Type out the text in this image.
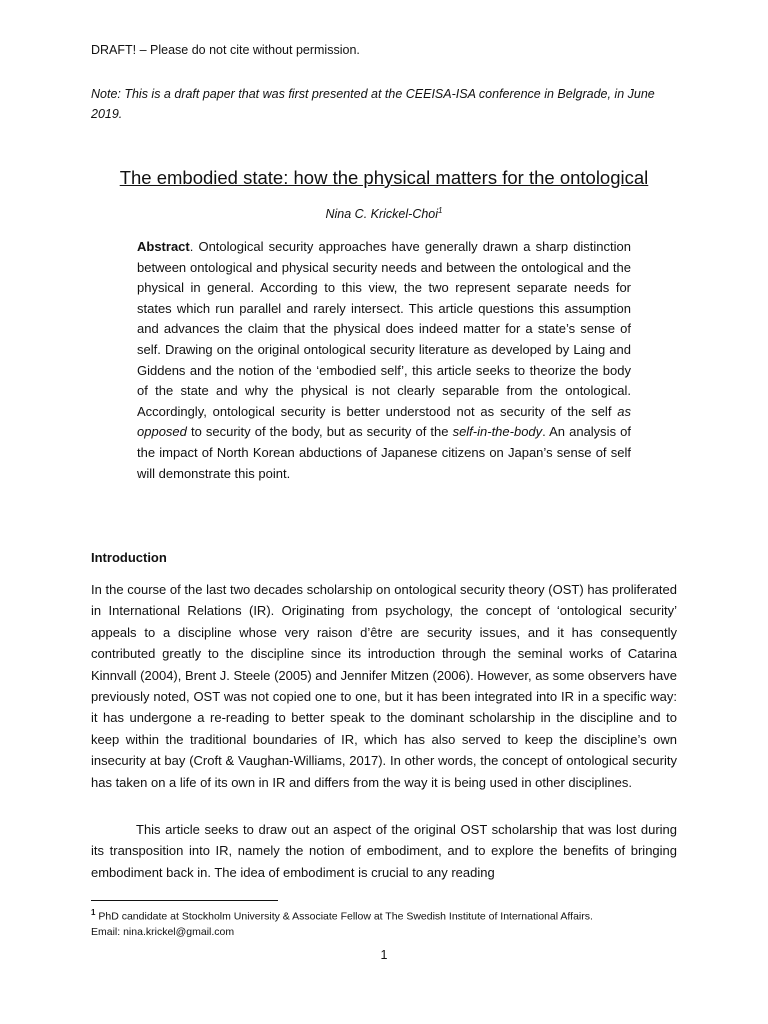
DRAFT! – Please do not cite without permission.
Note: This is a draft paper that was first presented at the CEEISA-ISA conference in Belgrade, in June 2019.
The embodied state: how the physical matters for the ontological
Nina C. Krickel-Choi$^1$

Abstract. Ontological security approaches have generally drawn a sharp distinction between ontological and physical security needs and between the ontological and the physical in general. According to this view, the two represent separate needs for states which run parallel and rarely intersect. This article questions this assumption and advances the claim that the physical does indeed matter for a state’s sense of self. Drawing on the original ontological security literature as developed by Laing and Giddens and the notion of the ‘embodied self’, this article seeks to theorize the body of the state and why the physical is not clearly separable from the ontological. Accordingly, ontological security is better understood not as security of the self as opposed to security of the body, but as security of the self-in-the-body. An analysis of the impact of North Korean abductions of Japanese citizens on Japan’s sense of self will demonstrate this point.

Introduction

In the course of the last two decades scholarship on ontological security theory (OST) has proliferated in International Relations (IR). Originating from psychology, the concept of ‘ontological security’ appeals to a discipline whose very raison d’être are security issues, and it has consequently contributed greatly to the discipline since its introduction through the seminal works of Catarina Kinnvall (2004), Brent J. Steele (2005) and Jennifer Mitzen (2006). However, as some observers have previously noted, OST was not copied one to one, but it has been integrated into IR in a specific way: it has undergone a re-reading to better speak to the dominant scholarship in the discipline and to keep within the traditional boundaries of IR, which has also served to keep the discipline’s own insecurity at bay (Croft & Vaughan-Williams, 2017). In other words, the concept of ontological security has taken on a life of its own in IR and differs from the way it is being used in other disciplines.

This article seeks to draw out an aspect of the original OST scholarship that was lost during its transposition into IR, namely the notion of embodiment, and to explore the benefits of bringing embodiment back in. The idea of embodiment is crucial to any reading

$^1$ PhD candidate at Stockholm University & Associate Fellow at The Swedish Institute of International Affairs.
Email: nina.krickel@gmail.com
1
